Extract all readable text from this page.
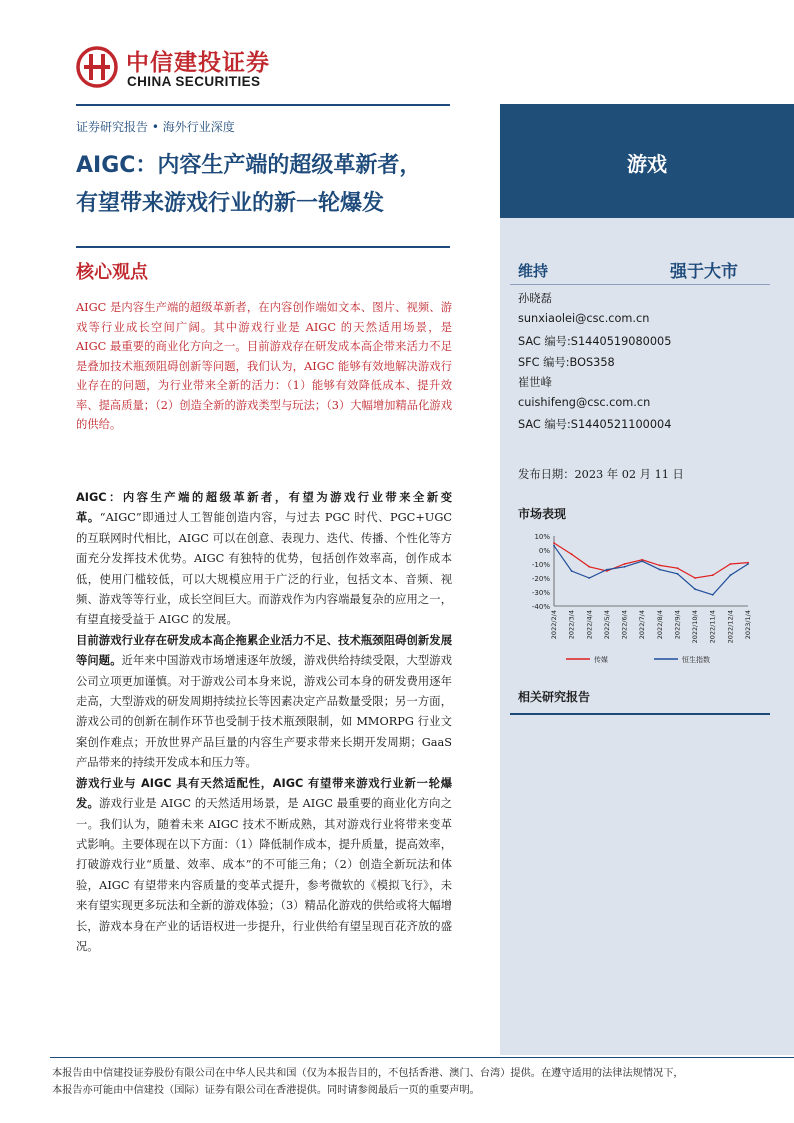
中信建投证券
CHINA SECURITIES
证券研究报告 • 海外行业深度
AIGC：内容生产端的超级革新者，
有望带来游戏行业的新一轮爆发
核心观点
AIGC 是内容生产端的超级革新者，在内容创作端如文本、图片、视频、游戏等行业成长空间广阔。其中游戏行业是 AIGC 的天然适用场景，是 AIGC 最重要的商业化方向之一。目前游戏存在研发成本高企带来活力不足是叠加技术瓶颈阻碍创新等问题，我们认为，AIGC 能够有效地解决游戏行业存在的问题，为行业带来全新的活力：（1）能够有效降低成本、提升效率、提高质量；（2）创造全新的游戏类型与玩法；（3）大幅增加精品化游戏的供给。

AIGC：内容生产端的超级革新者，有望为游戏行业带来全新变革。“AIGC”即通过人工智能创造内容，与过去 PGC 时代、PGC+UGC 的互联网时代相比，AIGC 可以在创意、表现力、迭代、传播、个性化等方面充分发挥技术优势。AIGC 有独特的优势，包括创作效率高，创作成本低，使用门槛较低，可以大规模应用于广泛的行业，包括文本、音频、视频、游戏等等行业，成长空间巨大。而游戏作为内容端最复杂的应用之一，有望直接受益于 AIGC 的发展。

目前游戏行业存在研发成本高企拖累企业活力不足、技术瓶颈阻碍创新发展等问题。近年来中国游戏市场增速逐年放缓，游戏供给持续受限，大型游戏公司立项更加谨慎。对于游戏公司本身来说，游戏公司本身的研发费用逐年走高，大型游戏的研发周期持续拉长等因素决定产品数量受限；另一方面，游戏公司的创新在制作环节也受制于技术瓶颈限制，如 MMORPG 行业文案创作难点；开放世界产品巨量的内容生产要求带来长期开发周期；GaaS 产品带来的持续开发成本和压力等。

游戏行业与 AIGC 具有天然适配性，AIGC 有望带来游戏行业新一轮爆发。游戏行业是 AIGC 的天然适用场景，是 AIGC 最重要的商业化方向之一。我们认为，随着未来 AIGC 技术不断成熟，其对游戏行业将带来变革式影响。主要体现在以下方面：（1）降低制作成本，提升质量，提高效率，打破游戏行业“质量、效率、成本”的不可能三角；（2）创造全新玩法和体验，AIGC 有望带来内容质量的变革式提升，参考微软的《模拟飞行》，未来有望实现更多玩法和全新的游戏体验；（3）精品化游戏的供给或将大幅增长，游戏本身在产业的话语权进一步提升，行业供给有望呈现百花齐放的盛况。

游戏
维持	强于大市
孙晓磊
sunxiaolei@csc.com.cn
SAC 编号:S1440519080005
SFC 编号:BOS358
崔世峰
cuishifeng@csc.com.cn
SAC 编号:S1440521100004
发布日期：2023 年 02 月 11 日
市场表现
10%
0%
-10%
-20%
-30%
-40%
2022/2/4 2022/3/4 2022/4/4 2022/5/4 2022/6/4 2022/7/4 2022/8/4 2022/9/4 2022/10/4 2022/11/4 2022/12/4 2023/1/4
传媒	恒生指数
相关研究报告
本报告由中信建投证券股份有限公司在中华人民共和国（仅为本报告目的，不包括香港、澳门、台湾）提供。在遵守适用的法律法规情况下，
本报告亦可能由中信建投（国际）证券有限公司在香港提供。同时请参阅最后一页的重要声明。
